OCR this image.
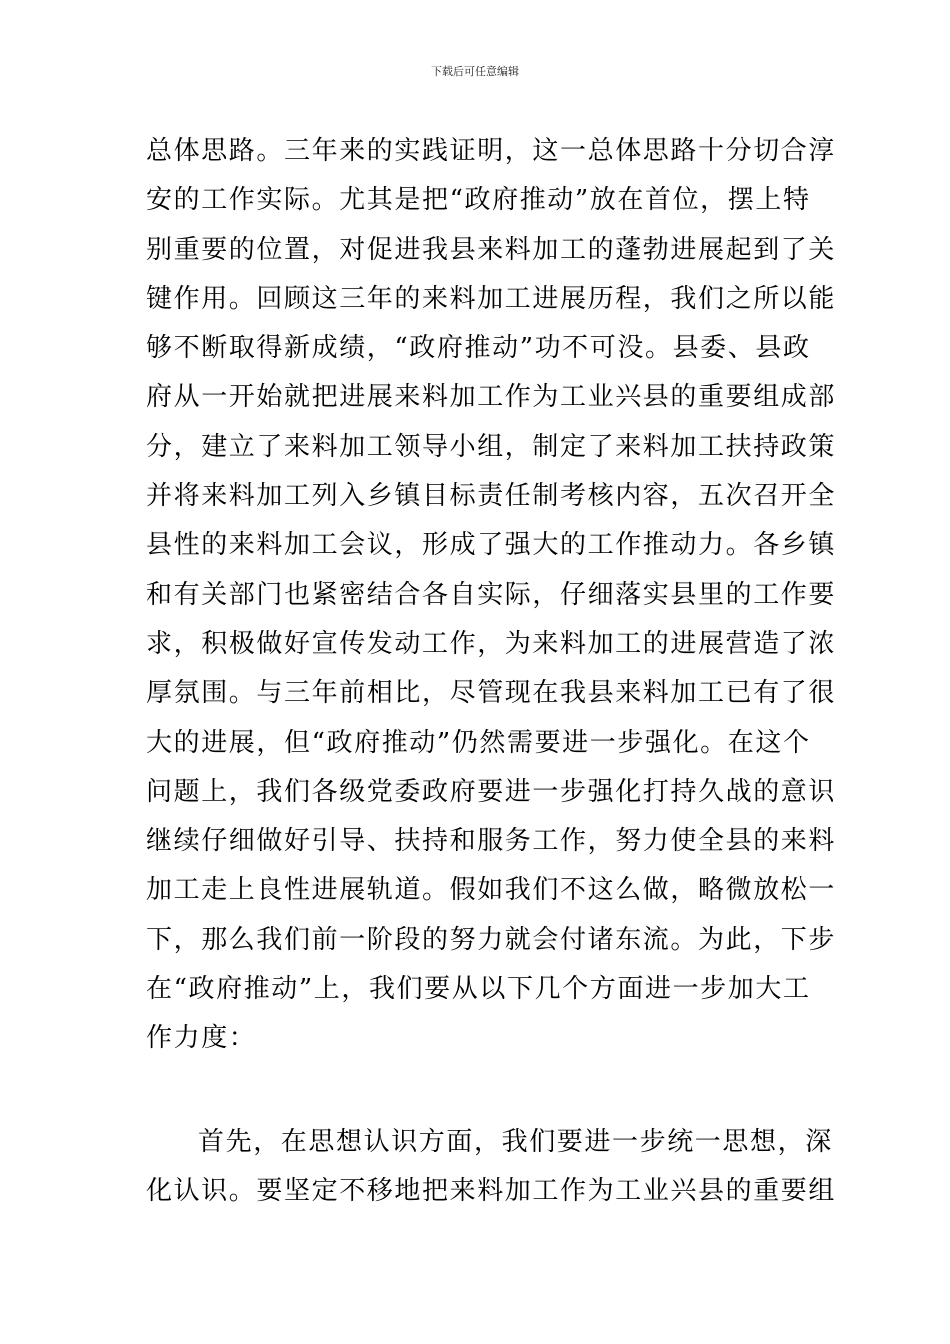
下载后可任意编辑
总体思路。三年来的实践证明，这一总体思路十分切合淳
安的工作实际。尤其是把“政府推动”放在首位，摆上特
别重要的位置，对促进我县来料加工的蓬勃进展起到了关
键作用。回顾这三年的来料加工进展历程，我们之所以能
够不断取得新成绩，“政府推动”功不可没。县委、县政
府从一开始就把进展来料加工作为工业兴县的重要组成部
分，建立了来料加工领导小组，制定了来料加工扶持政策
并将来料加工列入乡镇目标责任制考核内容，五次召开全
县性的来料加工会议，形成了强大的工作推动力。各乡镇
和有关部门也紧密结合各自实际，仔细落实县里的工作要
求，积极做好宣传发动工作，为来料加工的进展营造了浓
厚氛围。与三年前相比，尽管现在我县来料加工已有了很
大的进展，但“政府推动”仍然需要进一步强化。在这个
问题上，我们各级党委政府要进一步强化打持久战的意识
继续仔细做好引导、扶持和服务工作，努力使全县的来料
加工走上良性进展轨道。假如我们不这么做，略微放松一
下，那么我们前一阶段的努力就会付诸东流。为此，下步
在“政府推动”上，我们要从以下几个方面进一步加大工
作力度：
首先，在思想认识方面，我们要进一步统一思想，深
化认识。要坚定不移地把来料加工作为工业兴县的重要组
